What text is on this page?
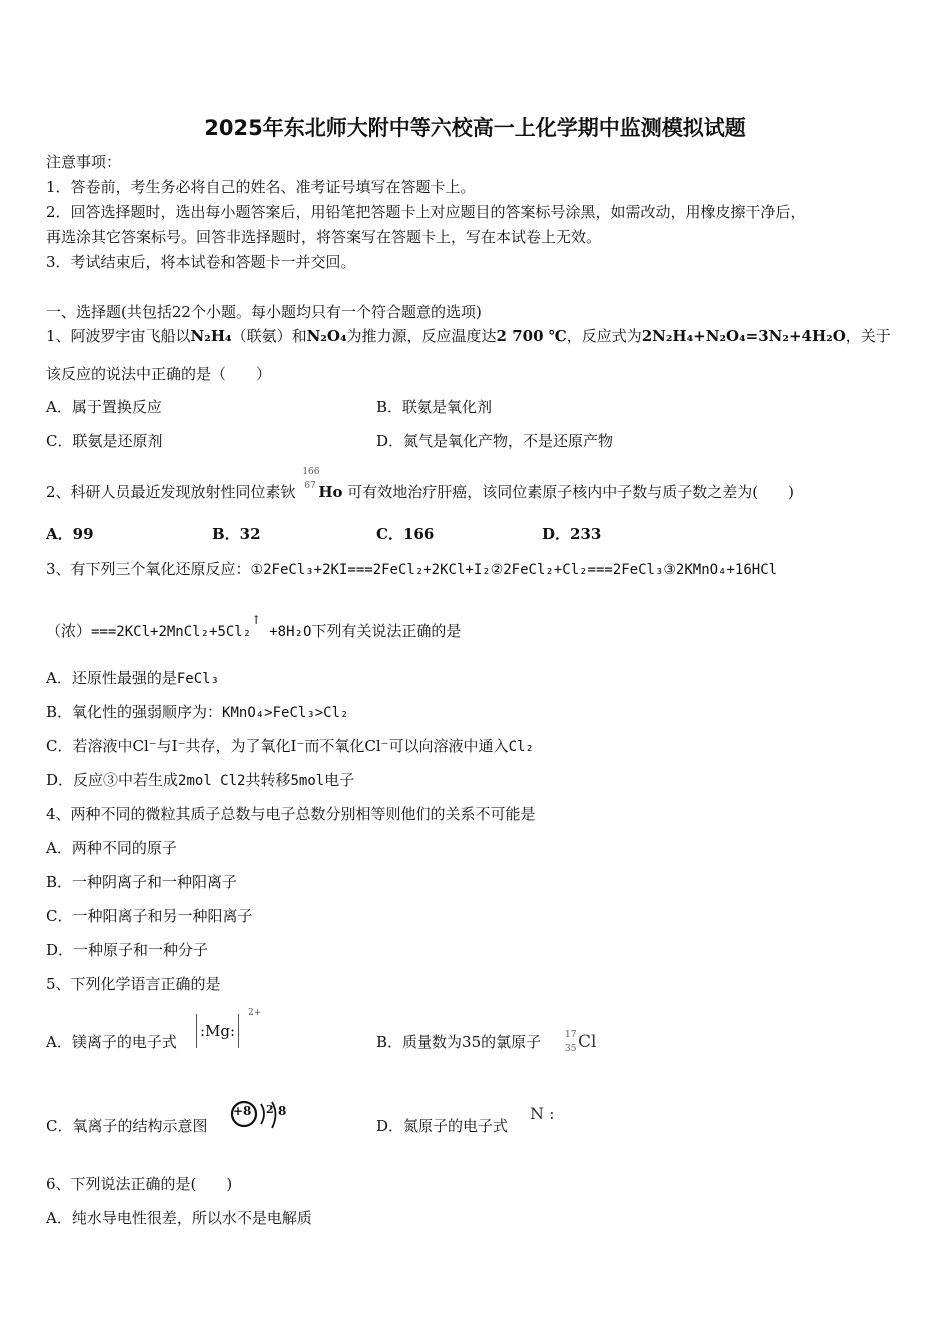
2025年东北师大附中等六校高一上化学期中监测模拟试题
注意事项：
1．答卷前，考生务必将自己的姓名、准考证号填写在答题卡上。
2．回答选择题时，选出每小题答案后，用铅笔把答题卡上对应题目的答案标号涂黑，如需改动，用橡皮擦干净后，
再选涂其它答案标号。回答非选择题时，将答案写在答题卡上，写在本试卷上无效。
3．考试结束后，将本试卷和答题卡一并交回。
一、选择题(共包括22个小题。每小题均只有一个符合题意的选项)
1、阿波罗宇宙飞船以N₂H₄（联氨）和N₂O₄为推力源，反应温度达2 700 ℃，反应式为2N₂H₄+N₂O₄=3N₂+4H₂O，关于
该反应的说法中正确的是（　　）
A．属于置换反应	B．联氨是氧化剂
C．联氨是还原剂	D．氮气是氧化产物，不是还原产物
2、科研人员最近发现放射性同位素钬
166
67 Ho 可有效地治疗肝癌，该同位素原子核内中子数与质子数之差为(　　)
A．99	B．32	C．166	D．233
3、有下列三个氧化还原反应：①2FeCl₃+2KI===2FeCl₂+2KCl+I₂②2FeCl₂+Cl₂===2FeCl₃③2KMnO₄+16HCl
（浓）===2KCl+2MnCl₂+5Cl₂↑+8H₂O下列有关说法正确的是
A．还原性最强的是FeCl₃
B．氧化性的强弱顺序为：KMnO₄>FeCl₃>Cl₂
C．若溶液中Cl⁻与I⁻共存，为了氧化I⁻而不氧化Cl⁻可以向溶液中通入Cl₂
D．反应③中若生成2mol Cl2共转移5mol电子
4、两种不同的微粒其质子总数与电子总数分别相等则他们的关系不可能是
A．两种不同的原子
B．一种阴离子和一种阳离子
C．一种阳离子和另一种阳离子
D．一种原子和一种分子
5、下列化学语言正确的是
A．镁离子的电子式
:Mg:
2+
B．质量数为35的氯原子	17
35 Cl
C．氧离子的结构示意图
+8 2 8
D．氮原子的电子式
N :
6、下列说法正确的是(　　)
A．纯水导电性很差，所以水不是电解质
